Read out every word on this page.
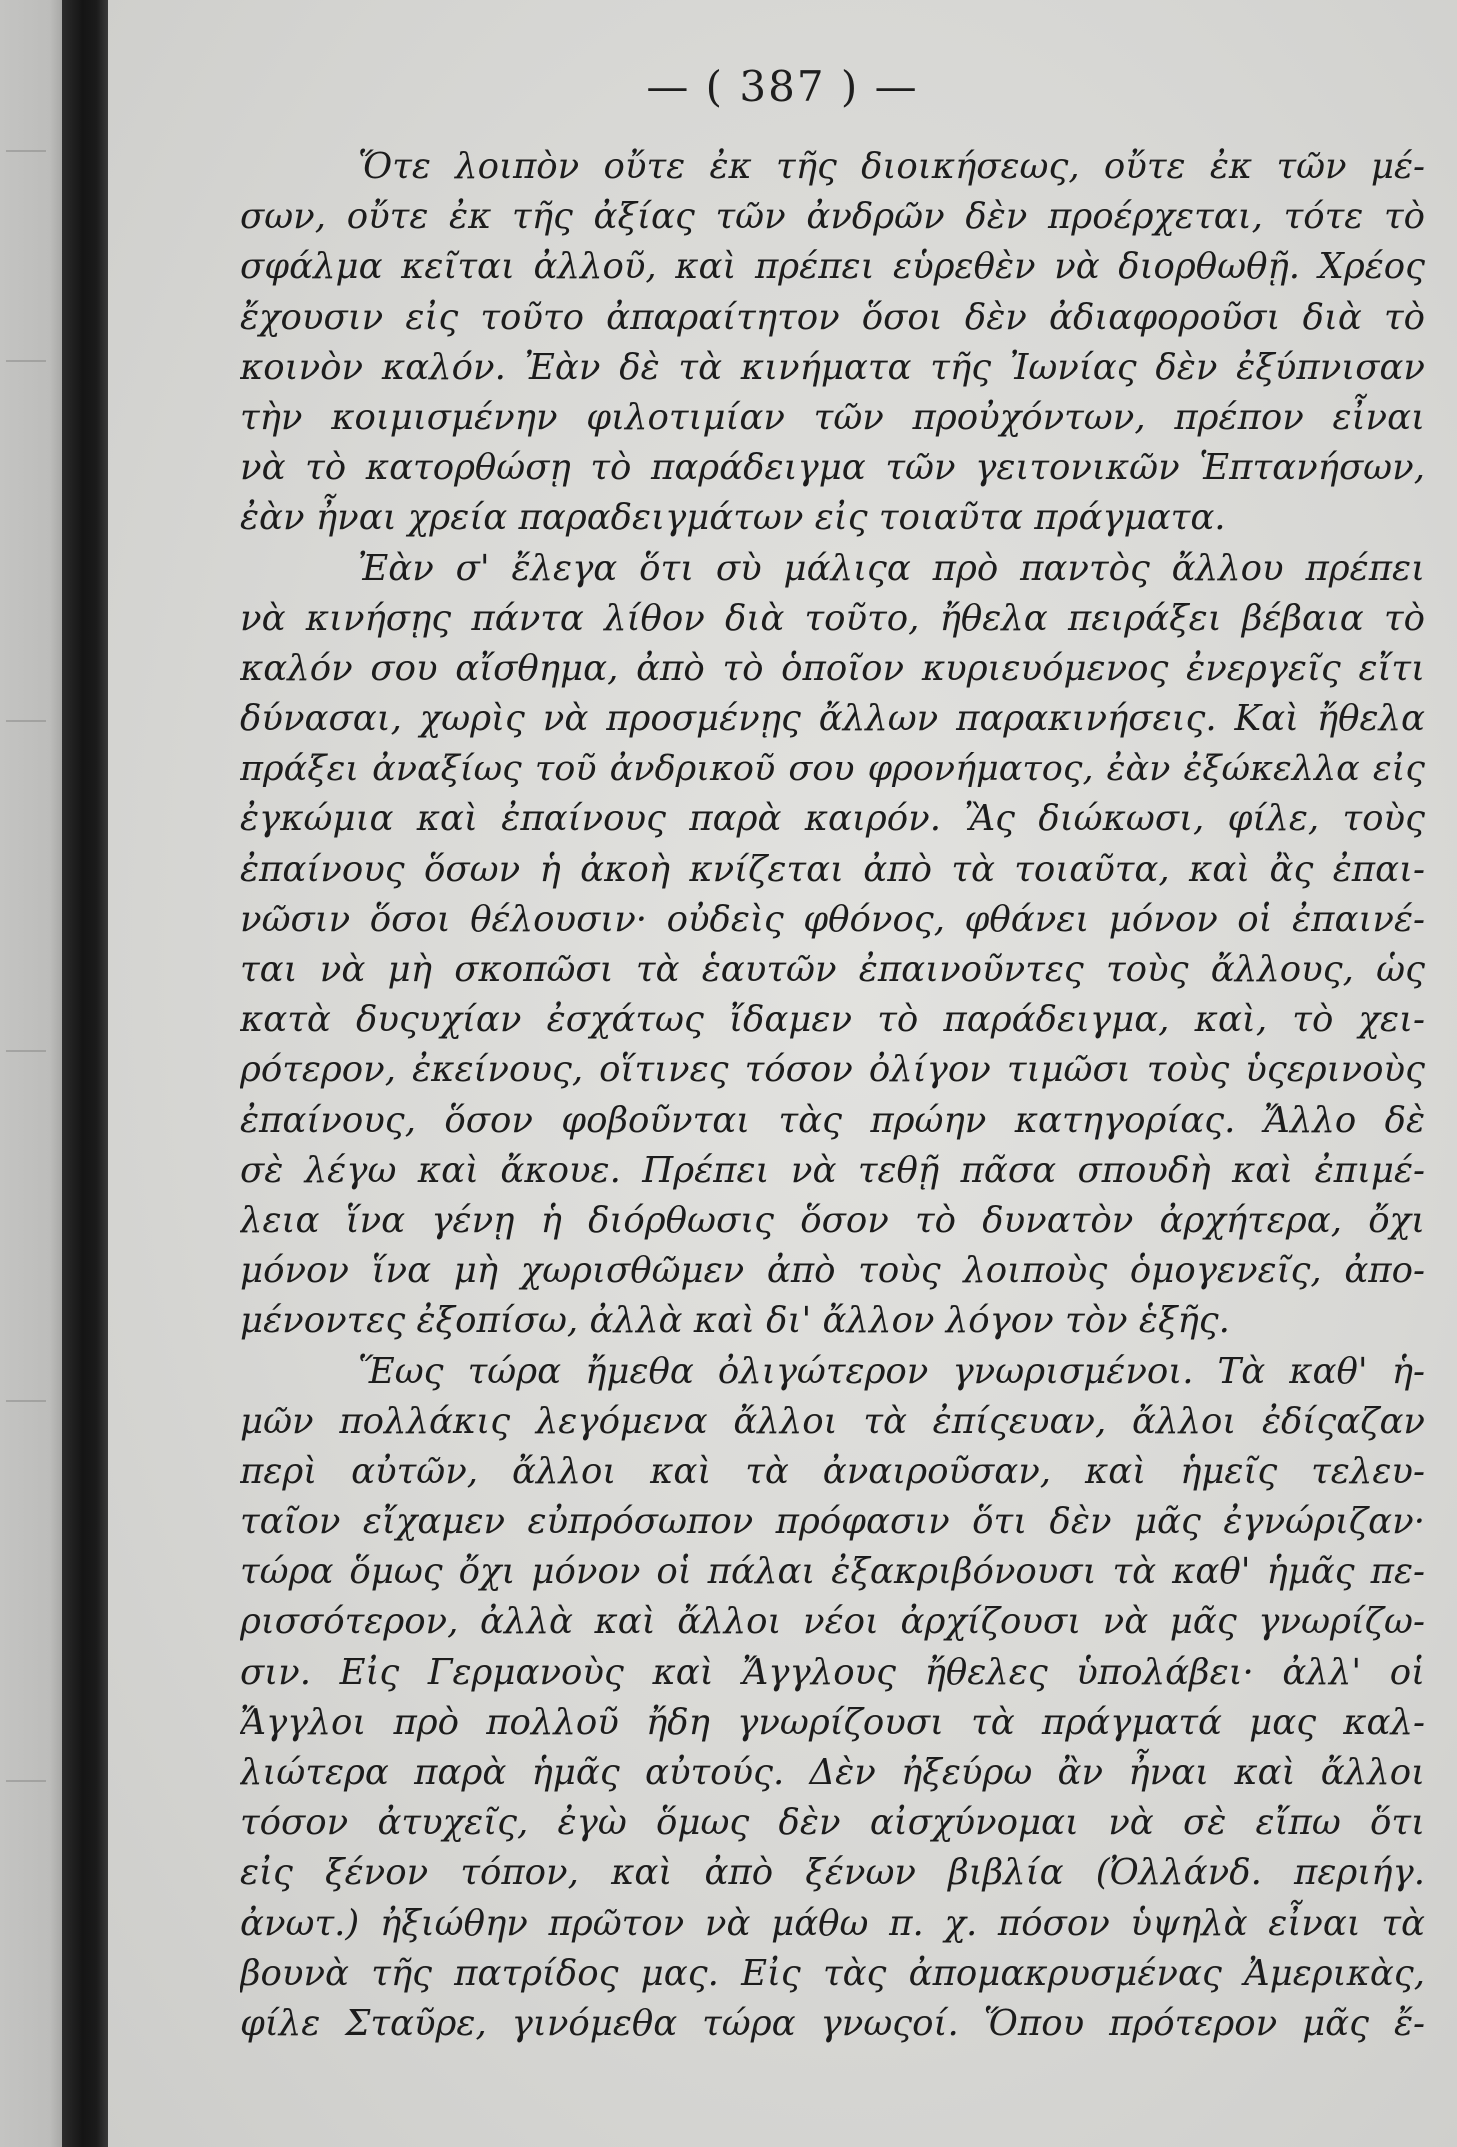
— ( 387 ) —
Ὅτε λοιπὸν οὔτε ἐκ τῆς διοικήσεως, οὔτε ἐκ τῶν μέ-
σων, οὔτε ἐκ τῆς ἀξίας τῶν ἀνδρῶν δὲν προέρχεται, τότε τὸ
σφάλμα κεῖται ἀλλοῦ, καὶ πρέπει εὑρεθὲν νὰ διορθωθῇ. Χρέος
ἔχουσιν εἰς τοῦτο ἀπαραίτητον ὅσοι δὲν ἀδιαφοροῦσι διὰ τὸ
κοινὸν καλόν. Ἐὰν δὲ τὰ κινήματα τῆς Ἰωνίας δὲν ἐξύπνισαν
τὴν κοιμισμένην φιλοτιμίαν τῶν προὐχόντων, πρέπον εἶναι
νὰ τὸ κατορθώσῃ τὸ παράδειγμα τῶν γειτονικῶν Ἑπτανήσων,
ἐὰν ἦναι χρεία παραδειγμάτων εἰς τοιαῦτα πράγματα.
Ἐὰν σ' ἔλεγα ὅτι σὺ μάλιςα πρὸ παντὸς ἄλλου πρέπει
νὰ κινήσῃς πάντα λίθον διὰ τοῦτο, ἤθελα πειράξει βέβαια τὸ
καλόν σου αἴσθημα, ἀπὸ τὸ ὁποῖον κυριευόμενος ἐνεργεῖς εἴτι
δύνασαι, χωρὶς νὰ προσμένῃς ἄλλων παρακινήσεις. Καὶ ἤθελα
πράξει ἀναξίως τοῦ ἀνδρικοῦ σου φρονήματος, ἐὰν ἐξώκελλα εἰς
ἐγκώμια καὶ ἐπαίνους παρὰ καιρόν. Ἂς διώκωσι, φίλε, τοὺς
ἐπαίνους ὅσων ἡ ἀκοὴ κνίζεται ἀπὸ τὰ τοιαῦτα, καὶ ἂς ἐπαι-
νῶσιν ὅσοι θέλουσιν· οὐδεὶς φθόνος, φθάνει μόνον οἱ ἐπαινέ-
ται νὰ μὴ σκοπῶσι τὰ ἑαυτῶν ἐπαινοῦντες τοὺς ἄλλους, ὡς
κατὰ δυςυχίαν ἐσχάτως ἴδαμεν τὸ παράδειγμα, καὶ, τὸ χει-
ρότερον, ἐκείνους, οἵτινες τόσον ὀλίγον τιμῶσι τοὺς ὑςερινοὺς
ἐπαίνους, ὅσον φοβοῦνται τὰς πρώην κατηγορίας. Ἄλλο δὲ
σὲ λέγω καὶ ἄκουε. Πρέπει νὰ τεθῇ πᾶσα σπουδὴ καὶ ἐπιμέ-
λεια ἵνα γένῃ ἡ διόρθωσις ὅσον τὸ δυνατὸν ἀρχήτερα, ὄχι
μόνον ἵνα μὴ χωρισθῶμεν ἀπὸ τοὺς λοιποὺς ὁμογενεῖς, ἀπο-
μένοντες ἐξοπίσω, ἀλλὰ καὶ δι' ἄλλον λόγον τὸν ἑξῆς.
Ἕως τώρα ἤμεθα ὀλιγώτερον γνωρισμένοι. Τὰ καθ' ἡ-
μῶν πολλάκις λεγόμενα ἄλλοι τὰ ἐπίςευαν, ἄλλοι ἐδίςαζαν
περὶ αὐτῶν, ἄλλοι καὶ τὰ ἀναιροῦσαν, καὶ ἡμεῖς τελευ-
ταῖον εἴχαμεν εὐπρόσωπον πρόφασιν ὅτι δὲν μᾶς ἐγνώριζαν·
τώρα ὅμως ὄχι μόνον οἱ πάλαι ἐξακριβόνουσι τὰ καθ' ἡμᾶς πε-
ρισσότερον, ἀλλὰ καὶ ἄλλοι νέοι ἀρχίζουσι νὰ μᾶς γνωρίζω-
σιν. Εἰς Γερμανοὺς καὶ Ἄγγλους ἤθελες ὑπολάβει· ἀλλ' οἱ
Ἄγγλοι πρὸ πολλοῦ ἤδη γνωρίζουσι τὰ πράγματά μας καλ-
λιώτερα παρὰ ἡμᾶς αὐτούς. Δὲν ἠξεύρω ἂν ἦναι καὶ ἄλλοι
τόσον ἀτυχεῖς, ἐγὼ ὅμως δὲν αἰσχύνομαι νὰ σὲ εἴπω ὅτι
εἰς ξένον τόπον, καὶ ἀπὸ ξένων βιβλία (Ὀλλάνδ. περιήγ.
ἀνωτ.) ἠξιώθην πρῶτον νὰ μάθω π. χ. πόσον ὑψηλὰ εἶναι τὰ
βουνὰ τῆς πατρίδος μας. Εἰς τὰς ἀπομακρυσμένας Ἀμερικὰς,
φίλε Σταῦρε, γινόμεθα τώρα γνωςοί. Ὅπου πρότερον μᾶς ἔ-
